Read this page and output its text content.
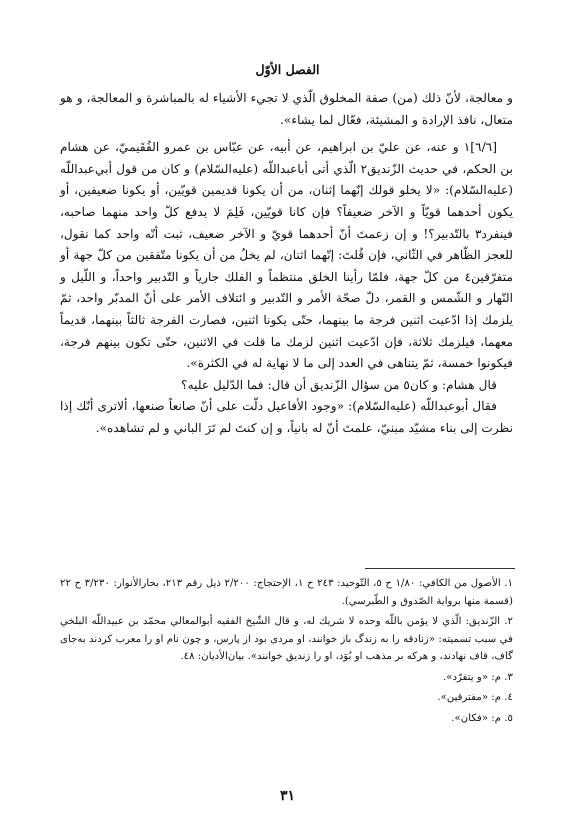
الفصل الأوّل

و معالجة، لأنّ ذلك (من) صفة المخلوق الّذي لا تجيء الأشياء له بالمباشرة و المعالجة، و هو متعال، نافذ الإرادة و المشيئة، فعّال لما يشاء».

[٦/٦]١ و عنه، عن عليّ بن ابراهيم، عن أبيه، عن عبّاس بن عمرو الفُقَيميّ، عن هشام بن الحكم، في حديث الزّنديق٢ الّذي أتى أباعبداللّه (عليه‌السّلام) و كان من قول أبي‌عبداللّه (عليه‌السّلام): «لا يخلو قولك إنّهما إثنان، من أن يكونا قديمين قويّين، أو يكونا ضعيفين، أو يكون أحدهما قويّاً و الآخر ضعيفاً؟ فإن كانا قويّين، فَلِمَ لا يدفع كلّ واحد منهما صاحبه، فينفرد٣ بالتّدبير؟! و إن زعمتَ أنّ أحدهما قويّ و الآخر ضعيف، ثبت أنّه واحد كما نقول، للعجز الظّاهر في الثّاني، فإن قُلتَ: إنّهما اثنان، لم يخلُ من أن يكونا متّفقين من كلّ جهة أو متفرّقين٤ من كلّ جهة، فلمّا رأينا الخلق منتظماً و الفلك جارياً و التّدبير واحداً، و اللّيل و النّهار و الشّمس و القمر، دلّ صحّة الأمر و التّدبير و ائتلاف الأمر على أنّ المدبّر واحد، ثمّ يلزمك إذا ادّعيت اثنين فرجة ما بينهما، حتّى يكونا اثنين، فصارت الفرجة ثالثاً بينهما، قديماً معهما، فيلزمك ثلاثة، فإن ادّعيت اثنين لزمك ما قلت في الاثنين، حتّى تكون بينهم فرجة، فيكونوا خمسة، ثمّ يتناهى في العدد إلى ما لا نهاية له في الكثرة».

قال هشام: و كان٥ من سؤال الزّنديق أن قال: فما الدّليل عليه؟

فقال أبوعبداللّه (عليه‌السّلام): «وجود الأفاعيل دلّت على أنّ صانعاً صنعها، ألاترى أنّك إذا نظرت إلى بناء مشيّد مبنيّ، علمتَ أنّ له بانياً، و إن كنتَ لم تَرَ الباني و لم تشاهده».

١. الأصول من الكافي: ١/٨٠ ح ٥، التّوحيد: ٢٤٣ ح ١، الإحتجاج: ٢/٢٠٠ ذيل رقم ٢١٣، بحارالأنوار: ٣/٢٣٠ ح ٢٢ (قسمة منها برواية الصّدوق و الطّبرسي).

٢. الزّنديق: الّذي لا يؤمن باللّه وحده لا شريك له، و قال الشّيخ الفقيه أبوالمعالي محمّد بن عبيداللّه البلخي في سبب تسميته: «زنادقه را به زندگ باز خوانند، او مردی بود از پارس، و چون نام او را معرب کردند به‌جای گاف، قاف نهادند، و هرکه بر مذهب او بُوَد، او را زنديق خوانند». بيان‌الأديان: ٤٨.

٣. م: «و يتفرّد».

٤. م: «مفترقين».

٥. م: «فكان».

٣١
